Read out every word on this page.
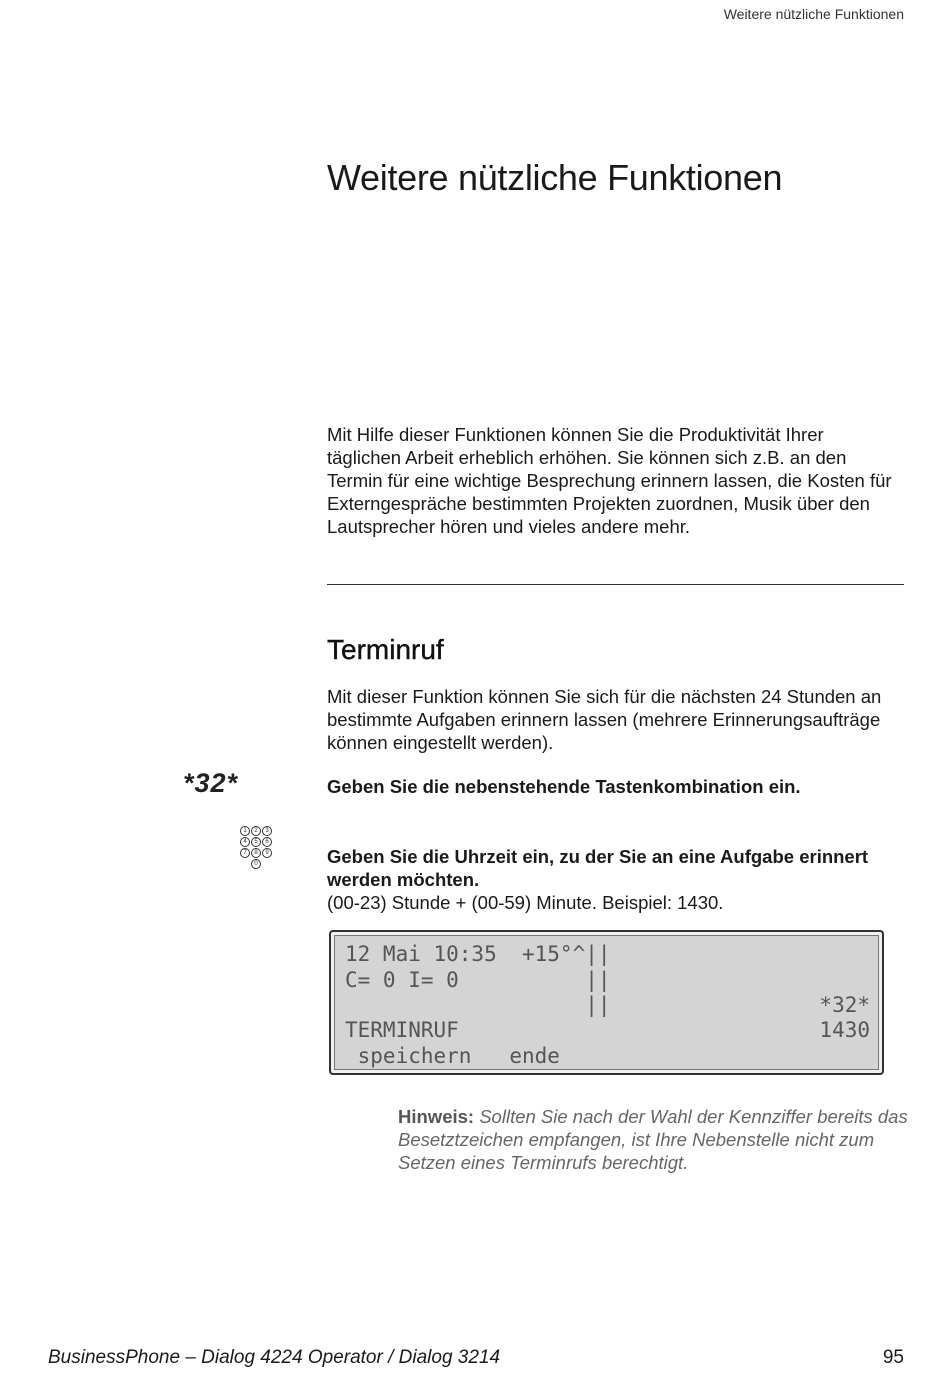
Weitere nützliche Funktionen
Weitere nützliche Funktionen

Mit Hilfe dieser Funktionen können Sie die Produktivität Ihrer täglichen Arbeit erheblich erhöhen. Sie können sich z.B. an den Termin für eine wichtige Besprechung erinnern lassen, die Kosten für Externgespräche bestimmten Projekten zuordnen, Musik über den Lautsprecher hören und vieles andere mehr.

Terminruf

Mit dieser Funktion können Sie sich für die nächsten 24 Stunden an bestimmte Aufgaben erinnern lassen (mehrere Erinnerungsaufträge können eingestellt werden).

*32*	Geben Sie die nebenstehende Tastenkombination ein.

1	2	3
4	5	6
7	8	9
0	Geben Sie die Uhrzeit ein, zu der Sie an eine Aufgabe erinnert werden möchten.
(00-23) Stunde + (00-59) Minute. Beispiel: 1430.

12 Mai 10:35  +15°^||
C= 0 I= 0          ||
||	*32*
TERMINRUF	1430
speichern   ende

Hinweis: Sollten Sie nach der Wahl der Kennziffer bereits das Besetztzeichen empfangen, ist Ihre Nebenstelle nicht zum Setzen eines Terminrufs berechtigt.

BusinessPhone – Dialog 4224 Operator / Dialog 3214	95
